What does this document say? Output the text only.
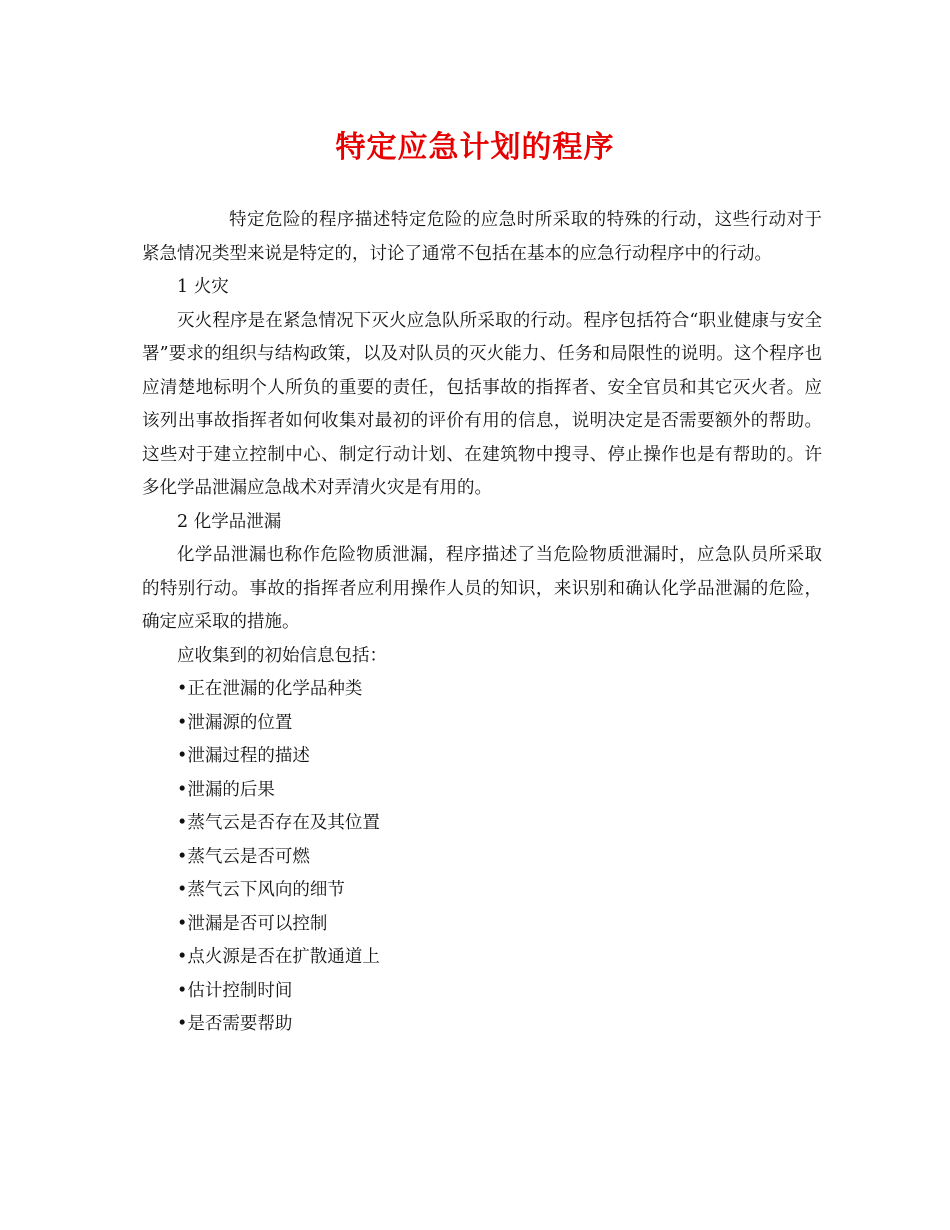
特定应急计划的程序

特定危险的程序描述特定危险的应急时所采取的特殊的行动，这些行动对于紧急情况类型来说是特定的，讨论了通常不包括在基本的应急行动程序中的行动。

1 火灾

灭火程序是在紧急情况下灭火应急队所采取的行动。程序包括符合“职业健康与安全署”要求的组织与结构政策，以及对队员的灭火能力、任务和局限性的说明。这个程序也应清楚地标明个人所负的重要的责任，包括事故的指挥者、安全官员和其它灭火者。应该列出事故指挥者如何收集对最初的评价有用的信息，说明决定是否需要额外的帮助。这些对于建立控制中心、制定行动计划、在建筑物中搜寻、停止操作也是有帮助的。许多化学品泄漏应急战术对弄清火灾是有用的。

2 化学品泄漏

化学品泄漏也称作危险物质泄漏，程序描述了当危险物质泄漏时，应急队员所采取的特别行动。事故的指挥者应利用操作人员的知识，来识别和确认化学品泄漏的危险，确定应采取的措施。

应收集到的初始信息包括：

•正在泄漏的化学品种类
•泄漏源的位置
•泄漏过程的描述
•泄漏的后果
•蒸气云是否存在及其位置
•蒸气云是否可燃
•蒸气云下风向的细节
•泄漏是否可以控制
•点火源是否在扩散通道上
•估计控制时间
•是否需要帮助
